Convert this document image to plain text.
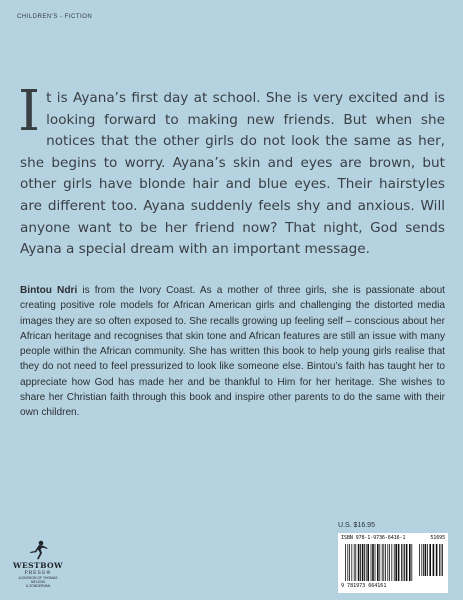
CHILDREN'S - FICTION

It is Ayana’s first day at school. She is very excited and is looking forward to making new friends. But when she notices that the other girls do not look the same as her, she begins to worry. Ayana’s skin and eyes are brown, but other girls have blonde hair and blue eyes. Their hairstyles are different too. Ayana suddenly feels shy and anxious. Will anyone want to be her friend now? That night, God sends Ayana a special dream with an important message.

Bintou Ndri is from the Ivory Coast. As a mother of three girls, she is passionate about creating positive role models for African American girls and challenging the distorted media images they are so often exposed to. She recalls growing up feeling self – conscious about her African heritage and recognises that skin tone and African features are still an issue with many people within the African community. She has written this book to help young girls realise that they do not need to feel pressurized to look like someone else. Bintou’s faith has taught her to appreciate how God has made her and be thankful to Him for her heritage. She wishes to share her Christian faith through this book and inspire other parents to do the same with their own children.

U.S. $16.95
ISBN 978-1-9736-6416-1	51695
9 781973 664161
WESTBOW
PRESS®
A DIVISION OF THOMAS NELSON
& ZONDERVAN
